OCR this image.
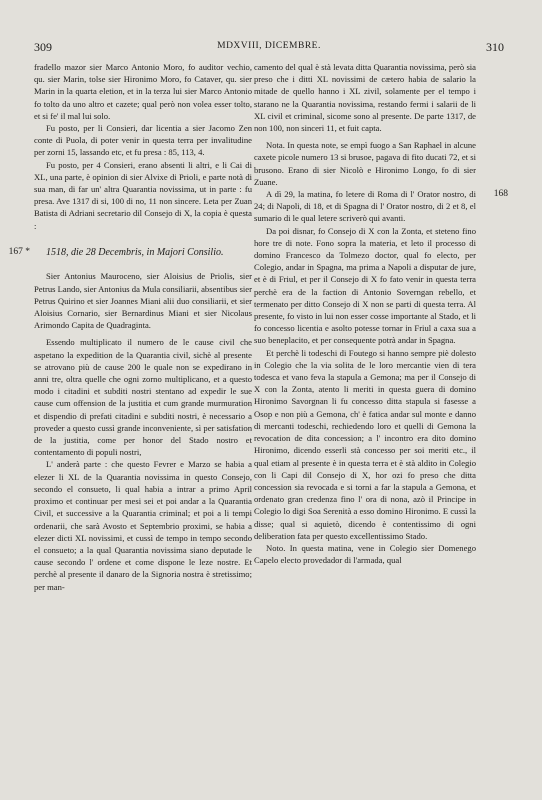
309	MDXVIII, DICEMBRE.	310

fradello mazor sier Marco Antonio Moro, fo auditor vechio, qu. sier Marin, tolse sier Hironimo Moro, fo Cataver, qu. sier Marin in la quarta eletion, et in la terza lui sier Marco Antonio fo tolto da uno altro et cazete; qual però non volea esser tolto, et si fe' il mal lui solo.

Fu posto, per li Consieri, dar licentia a sier Jacomo Zen conte di Puola, di poter venir in questa terra per invalitudine per zorni 15, lassando etc, et fu presa : 85, 113, 4.

Fu posto, per 4 Consieri, erano absenti li altri, e li Cai di XL, una parte, è opinion di sier Alvixe di Prioli, e parte notà di sua man, di far un' altra Quarantia novissima, ut in parte : fu presa. Ave 1317 di si, 100 di no, 11 non sincere. Leta per Zuan Batista di Adriani secretario dil Consejo di X, la copia è questa :

167 *	1518, die 28 Decembris, in Majori Consilio.

Sier Antonius Mauroceno, sier Aloisius de Priolis, sier Petrus Lando, sier Antonius da Mula consiliarii, absentibus sier Petrus Quirino et sier Joannes Miani alii duo consiliarii, et sier Aloisius Cornario, sier Bernardinus Miani et sier Nicolaus Arimondo Capita de Quadraginta.

Essendo multiplicato il numero de le cause civil che aspetano la expedition de la Quarantia civil, sichè al presente se atrovano più de cause 200 le quale non se expedirano in anni tre, oltra quelle che ogni zorno multiplicano, et a questo modo i citadini et subditi nostri stentano ad expedir le sue cause cum offension de la justitia et cum grande murmuration et dispendio di prefati citadini e subditi nostri, è necessario a proveder a questo cussì grande inconveniente, sì per satisfation de la justitia, come per honor del Stado nostro et contentamento di populi nostri,

L' anderà parte : che questo Fevrer e Marzo se habia a elezer li XL de la Quarantia novissima in questo Consejo, secondo el consueto, li qual habia a intrar a primo April proximo et continuar per mesi sei et poi andar a la Quarantia Civil, et successive a la Quarantia criminal; et poi a li tempi ordenarii, che sarà Avosto et Septembrio proximi, se habia a elezer dicti XL novissimi, et cussì de tempo in tempo secondo el consueto; a la qual Quarantia novissima siano deputade le cause secondo l' ordene et come dispone le leze nostre. Et perchè al presente il danaro de la Signoria nostra è stretissimo; per man-

camento del qual è stà levata ditta Quarantia novissima, però sia preso che i ditti XL novissimi de cætero habia de salario la mitade de quello hanno i XL zivil, solamente per el tempo i starano ne la Quarantia novissima, restando fermi i salarii de li XL civil et criminal, sicome sono al presente. De parte 1317, de non 100, non sinceri 11, et fuit capta.

Nota. In questa note, se empì fuogo a San Raphael in alcune caxete picole numero 13 si brusoe, pagava di fito ducati 72, et si brusono. Erano di sier Nicolò e Hironimo Longo, fo di sier Zuane.

168

A dì 29, la matina, fo letere di Roma di l' Orator nostro, di 24; di Napoli, di 18, et di Spagna di l' Orator nostro, di 2 et 8, el sumario di le qual letere scriverò qui avanti.

Da poi disnar, fo Consejo di X con la Zonta, et steteno fino hore tre di note. Fono sopra la materia, et leto il processo di domino Francesco da Tolmezo doctor, qual fo electo, per Colegio, andar in Spagna, ma prima a Napoli a disputar de jure, et è di Friul, et per il Consejo di X fo fato venir in questa terra perchè era de la faction di Antonio Soverngan rebello, et termenato per ditto Consejo di X non se parti di questa terra. Al presente, fo visto in lui non esser cosse importante al Stado, et li fo concesso licentia e asolto potesse tornar in Friul a caxa sua a suo beneplacito, et per consequente potrà andar in Spagna.

Et perchè li todeschi di Foutego si hanno sempre piè dolesto in Colegio che la via solita de le loro mercantie vien di tera todesca et vano feva la stapula a Gemona; ma per il Consejo di X con la Zonta, atento li meriti in questa guera di domino Hironimo Savorgnan li fu concesso ditta stapula si fasesse a Osop e non più a Gemona, ch' è fatica andar sul monte e danno di mercanti todeschi, rechiedendo loro et quelli di Gemona la revocation de dita concession; a l' incontro era dito domino Hironimo, dicendo esserli stà concesso per soi meriti etc., il qual etiam al presente è in questa terra et è stà aldito in Colegio con li Capi dil Consejo di X, hor ozi fo preso che ditta concession sia revocada e si torni a far la stapula a Gemona, et ordenato gran credenza fino l' ora di nona, azò il Principe in Colegio lo digi Soa Serenità a esso domino Hironimo. E cussì la disse; qual si aquietò, dicendo è contentissimo di ogni deliberation fata per questo excellentissimo Stado.

Noto. In questa matina, vene in Colegio sier Domenego Capelo electo provedador di l'armada, qual
